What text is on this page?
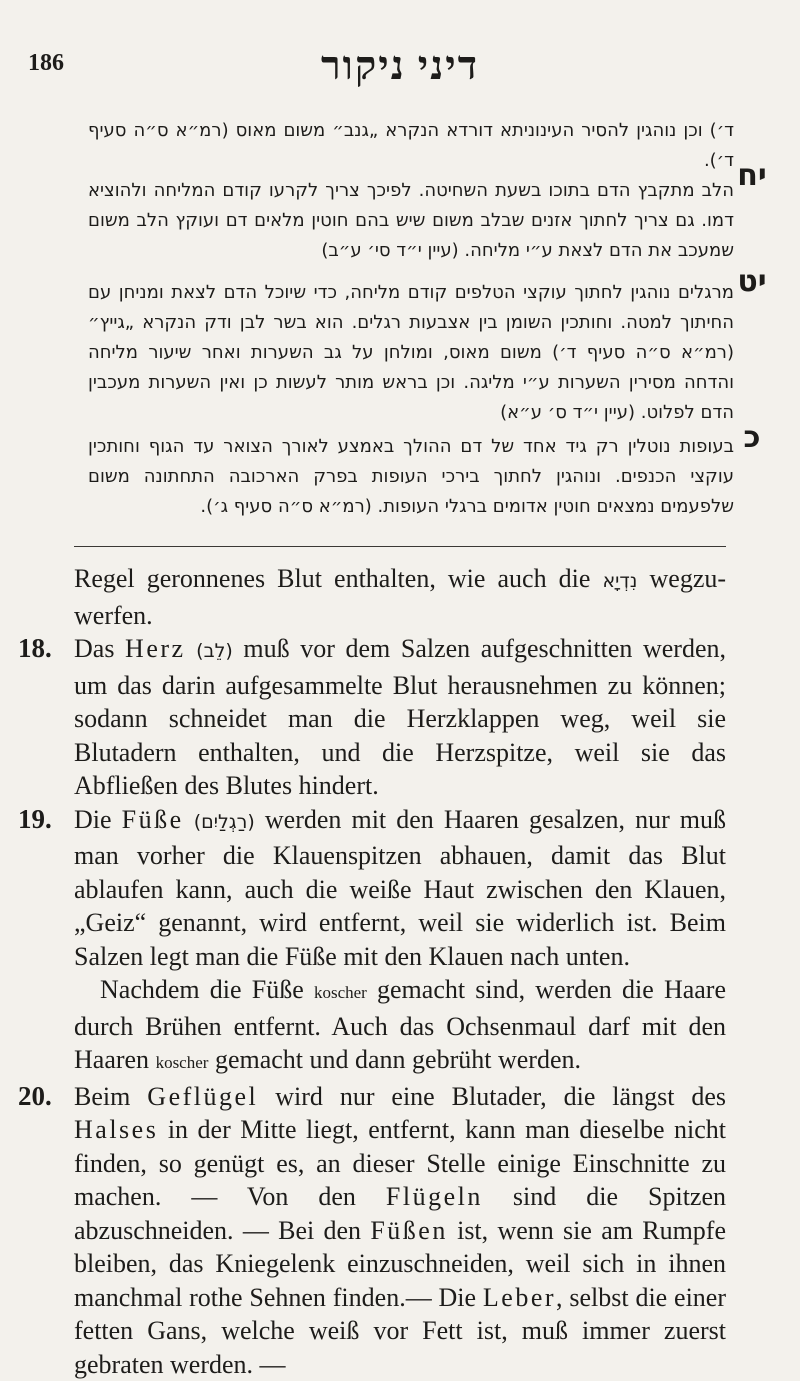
186	דיני ניקור

ד׳) וכן נוהגין להסיר העינוניתא דורדא הנקרא „גנב״ משום מאוס (רמ״א ס״ה סעיף ד׳). יח

הלב מתקבץ הדם בתוכו בשעת השחיטה. לפיכך צריך לקרעו קודם המליחה ולהוציא דמו. גם צריך לחתוך אזנים שבלב משום שיש בהם חוטין מלאים דם ועוקץ הלב משום שמעכב את הדם לצאת ע״י מליחה. (עיין י״ד סי׳ ע״ב)

יט

מרגלים נוהגין לחתוך עוקצי הטלפים קודם מליחה, כדי שיוכל הדם לצאת ומניחן עם החיתוך למטה. וחותכין השומן בין אצבעות רגלים. הוא בשר לבן ודק הנקרא „גייץ״ (רמ״א ס״ה סעיף ד׳) משום מאוס, ומולחן על גב השערות ואחר שיעור מליחה והדחה מסירין השערות ע״י מליגה. וכן בראש מותר לעשות כן ואין השערות מעכבין הדם לפלוט. (עיין י״ד ס׳ ע״א)

כ

בעופות נוטלין רק גיד אחד של דם ההולך באמצע לאורך הצואר עד הגוף וחותכין עוקצי הכנפים. ונוהגין לחתוך בירכי העופות בפרק הארכובה התחתונה משום שלפעמים נמצאים חוטין אדומים ברגלי העופות. (רמ״א ס״ה סעיף ג׳).

Regel geronnenes Blut enthalten, wie auch die נִדְיָא wegzu-werfen.

18. Das Herz (לֵב) muß vor dem Salzen aufgeschnitten werden, um das darin aufgesammelte Blut herausnehmen zu können; sodann schneidet man die Herzklappen weg, weil sie Blutadern enthalten, und die Herzspitze, weil sie das Abfließen des Blutes hindert.

19. Die Füße (רַגְלַיִם) werden mit den Haaren gesalzen, nur muß man vorher die Klauenspitzen abhauen, damit das Blut ablaufen kann, auch die weiße Haut zwischen den Klauen, „Geiz“ genannt, wird entfernt, weil sie widerlich ist. Beim Salzen legt man die Füße mit den Klauen nach unten.

Nachdem die Füße koscher gemacht sind, werden die Haare durch Brühen entfernt. Auch das Ochsenmaul darf mit den Haaren koscher gemacht und dann gebrüht werden.

20. Beim Geflügel wird nur eine Blutader, die längst des Halses in der Mitte liegt, entfernt, kann man dieselbe nicht finden, so genügt es, an dieser Stelle einige Einschnitte zu machen. — Von den Flügeln sind die Spitzen abzuschneiden. — Bei den Füßen ist, wenn sie am Rumpfe bleiben, das Kniegelenk einzuschneiden, weil sich in ihnen manchmal rothe Sehnen finden.— Die Leber, selbst die einer fetten Gans, welche weiß vor Fett ist, muß immer zuerst gebraten werden. —
